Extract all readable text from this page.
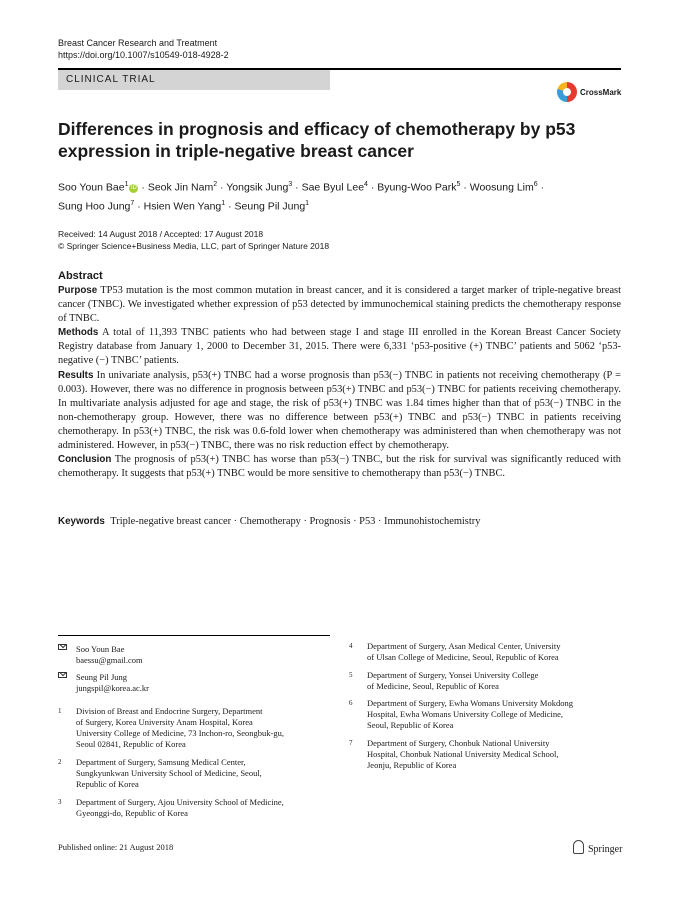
Breast Cancer Research and Treatment
https://doi.org/10.1007/s10549-018-4928-2
CLINICAL TRIAL
CrossMark
Differences in prognosis and efficacy of chemotherapy by p53
expression in triple-negative breast cancer
Soo Youn Bae$^1$ iD · Seok Jin Nam$^2$ · Yongsik Jung$^3$ · Sae Byul Lee$^4$ · Byung-Woo Park$^5$ · Woosung Lim$^6$ ·
Sung Hoo Jung$^7$ · Hsien Wen Yang$^1$ · Seung Pil Jung$^1$
Received: 14 August 2018 / Accepted: 17 August 2018
© Springer Science+Business Media, LLC, part of Springer Nature 2018
Abstract

Purpose TP53 mutation is the most common mutation in breast cancer, and it is considered a target marker of triple-negative breast cancer (TNBC). We investigated whether expression of p53 detected by immunochemical staining predicts the chemotherapy response of TNBC.

Methods A total of 11,393 TNBC patients who had between stage I and stage III enrolled in the Korean Breast Cancer Society Registry database from January 1, 2000 to December 31, 2015. There were 6,331 ‘p53-positive (+) TNBC’ patients and 5062 ‘p53-negative (−) TNBC’ patients.

Results In univariate analysis, p53(+) TNBC had a worse prognosis than p53(−) TNBC in patients not receiving chemotherapy (P = 0.003). However, there was no difference in prognosis between p53(+) TNBC and p53(−) TNBC for patients receiving chemotherapy. In multivariate analysis adjusted for age and stage, the risk of p53(+) TNBC was 1.84 times higher than that of p53(−) TNBC in the non-chemotherapy group. However, there was no difference between p53(+) TNBC and p53(−) TNBC in patients receiving chemotherapy. In p53(+) TNBC, the risk was 0.6-fold lower when chemotherapy was administered than when chemotherapy was not administered. However, in p53(−) TNBC, there was no risk reduction effect by chemotherapy.

Conclusion The prognosis of p53(+) TNBC has worse than p53(−) TNBC, but the risk for survival was significantly reduced with chemotherapy. It suggests that p53(+) TNBC would be more sensitive to chemotherapy than p53(−) TNBC.

Keywords Triple-negative breast cancer · Chemotherapy · Prognosis · P53 · Immunohistochemistry
Soo Youn Bae
baessu@gmail.com
Seung Pil Jung
jungspil@korea.ac.kr
1 Division of Breast and Endocrine Surgery, Department
of Surgery, Korea University Anam Hospital, Korea
University College of Medicine, 73 Inchon-ro, Seongbuk-gu,
Seoul 02841, Republic of Korea
2 Department of Surgery, Samsung Medical Center,
Sungkyunkwan University School of Medicine, Seoul,
Republic of Korea
3 Department of Surgery, Ajou University School of Medicine,
Gyeonggi-do, Republic of Korea
4 Department of Surgery, Asan Medical Center, University
of Ulsan College of Medicine, Seoul, Republic of Korea
5 Department of Surgery, Yonsei University College
of Medicine, Seoul, Republic of Korea
6 Department of Surgery, Ewha Womans University Mokdong
Hospital, Ewha Womans University College of Medicine,
Seoul, Republic of Korea
7 Department of Surgery, Chonbuk National University
Hospital, Chonbuk National University Medical School,
Jeonju, Republic of Korea
Published online: 21 August 2018	Springer
